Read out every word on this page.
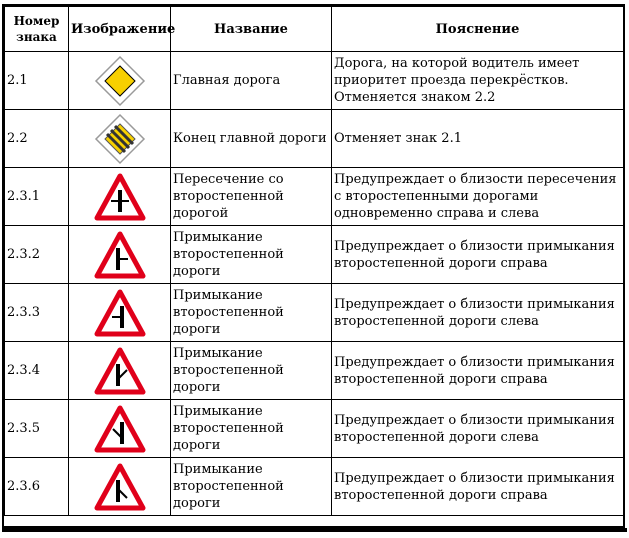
Номер знака	Изображение	Название	Пояснение
2.1		Главная дорога	Дорога, на которой водитель имеет приоритет проезда перекрёстков. Отменяется знаком 2.2
2.2		Конец главной дороги	Отменяет знак 2.1
2.3.1		Пересечение со второстепенной дорогой	Предупреждает о близости пересечения с второстепенными дорогами одновременно справа и слева
2.3.2		Примыкание второстепенной дороги	Предупреждает о близости примыкания второстепенной дороги справа
2.3.3		Примыкание второстепенной дороги	Предупреждает о близости примыкания второстепенной дороги слева
2.3.4		Примыкание второстепенной дороги	Предупреждает о близости примыкания второстепенной дороги справа
2.3.5		Примыкание второстепенной дороги	Предупреждает о близости примыкания второстепенной дороги слева
2.3.6		Примыкание второстепенной дороги	Предупреждает о близости примыкания второстепенной дороги справа
